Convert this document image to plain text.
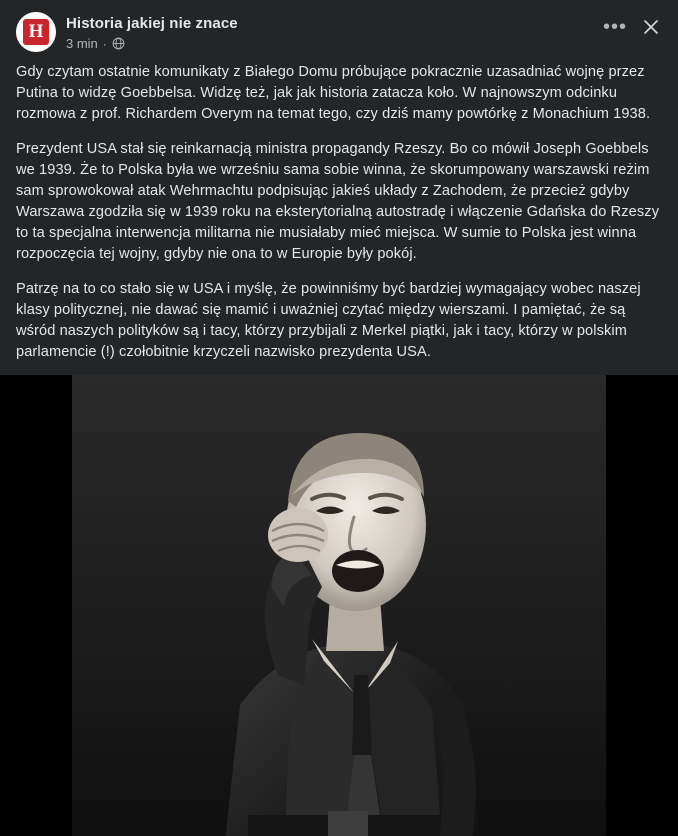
H	Historia jakiej nie znace
3 min ·
•••

Gdy czytam ostatnie komunikaty z Białego Domu próbujące pokracznie uzasadniać wojnę przez Putina to widzę Goebbelsa. Widzę też, jak jak historia zatacza koło. W najnowszym odcinku rozmowa z prof. Richardem Overym na temat tego, czy dziś mamy powtórkę z Monachium 1938.

Prezydent USA stał się reinkarnacją ministra propagandy Rzeszy. Bo co mówił Joseph Goebbels we 1939. Że to Polska była we wrześniu sama sobie winna, że skorumpowany warszawski reżim sam sprowokował atak Wehrmachtu podpisując jakieś układy z Zachodem, że przecież gdyby Warszawa zgodziła się w 1939 roku na eksterytorialną autostradę i włączenie Gdańska do Rzeszy to ta specjalna interwencja militarna nie musiałaby mieć miejsca. W sumie to Polska jest winna rozpoczęcia tej wojny, gdyby nie ona to w Europie były pokój.

Patrzę na to co stało się w USA i myślę, że powinniśmy być bardziej wymagający wobec naszej klasy politycznej, nie dawać się mamić i uważniej czytać między wierszami. I pamiętać, że są wśród naszych polityków są i tacy, którzy przybijali z Merkel piątki, jak i tacy, którzy w polskim parlamencie (!) czołobitnie krzyczeli nazwisko prezydenta USA.
